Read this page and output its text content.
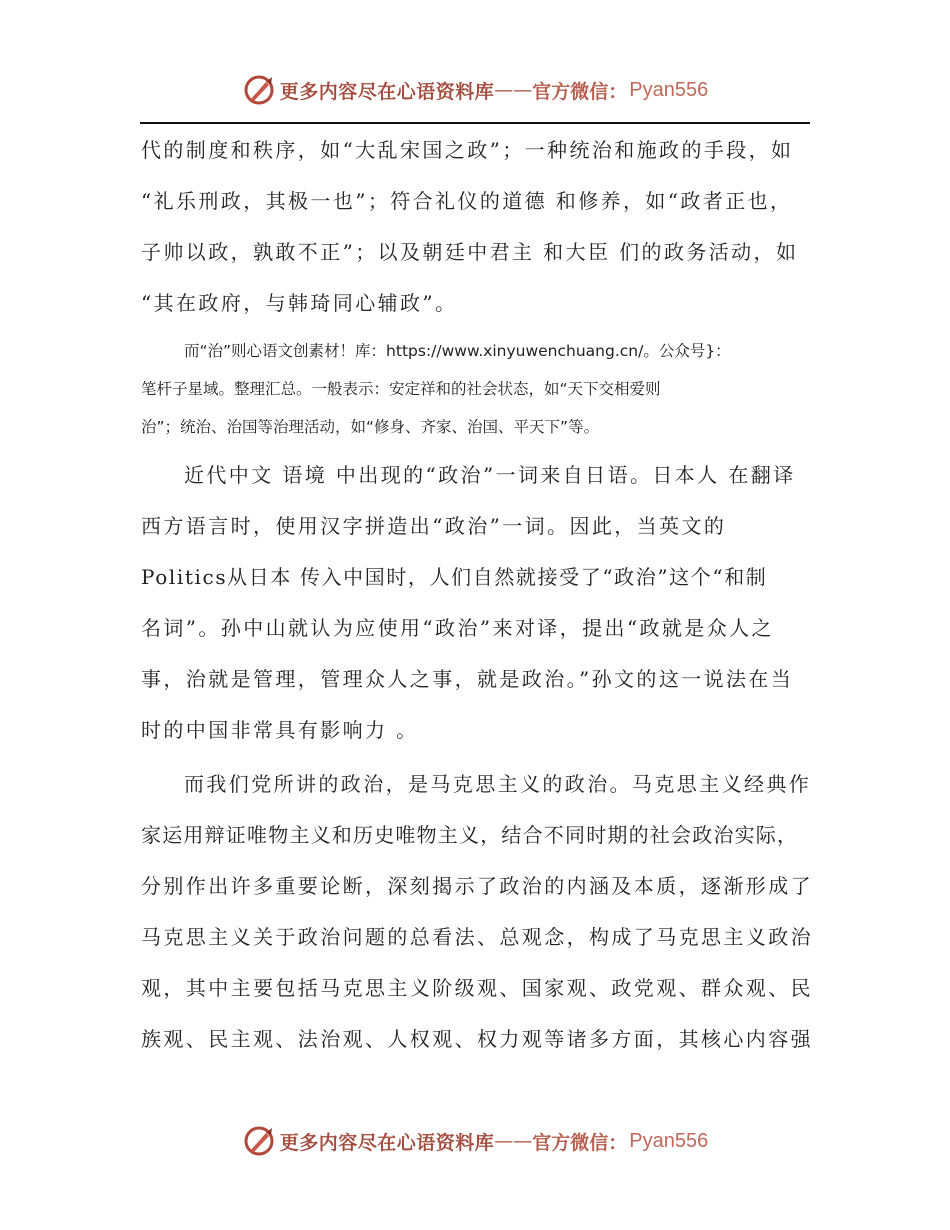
更多内容尽在心语资料库 —— 官方微信： Pyan556
代的制度和秩序，如“大乱宋国之政”；一种统治和施政的手段，如
“礼乐刑政，其极一也”；符合礼仪的道德 和修养，如“政者正也，
子帅以政，孰敢不正”；以及朝廷中君主 和大臣 们的政务活动，如
“其在政府，与韩琦同心辅政”。
而“治”则心语文创素材！库：https://www.xinyuwenchuang.cn/。公众号}：
笔杆子星域。整理汇总。一般表示：安定祥和的社会状态，如“天下交相爱则
治”；统治、治国等治理活动，如“修身、齐家、治国、平天下”等。
近代中文 语境 中出现的“政治”一词来自日语。日本人 在翻译
西方语言时，使用汉字拼造出“政治”一词。因此，当英文的
Politics从日本 传入中国时，人们自然就接受了“政治”这个“和制
名词”。孙中山就认为应使用“政治”来对译，提出“政就是众人之
事，治就是管理，管理众人之事，就是政治。”孙文的这一说法在当
时的中国非常具有影响力 。
而我们党所讲的政治，是马克思主义的政治。马克思主义经典作
家运用辩证唯物主义和历史唯物主义，结合不同时期的社会政治实际，
分别作出许多重要论断，深刻揭示了政治的内涵及本质，逐渐形成了
马克思主义关于政治问题的总看法、总观念，构成了马克思主义政治
观，其中主要包括马克思主义阶级观、国家观、政党观、群众观、民
族观、民主观、法治观、人权观、权力观等诸多方面，其核心内容强
更多内容尽在心语资料库 —— 官方微信： Pyan556
